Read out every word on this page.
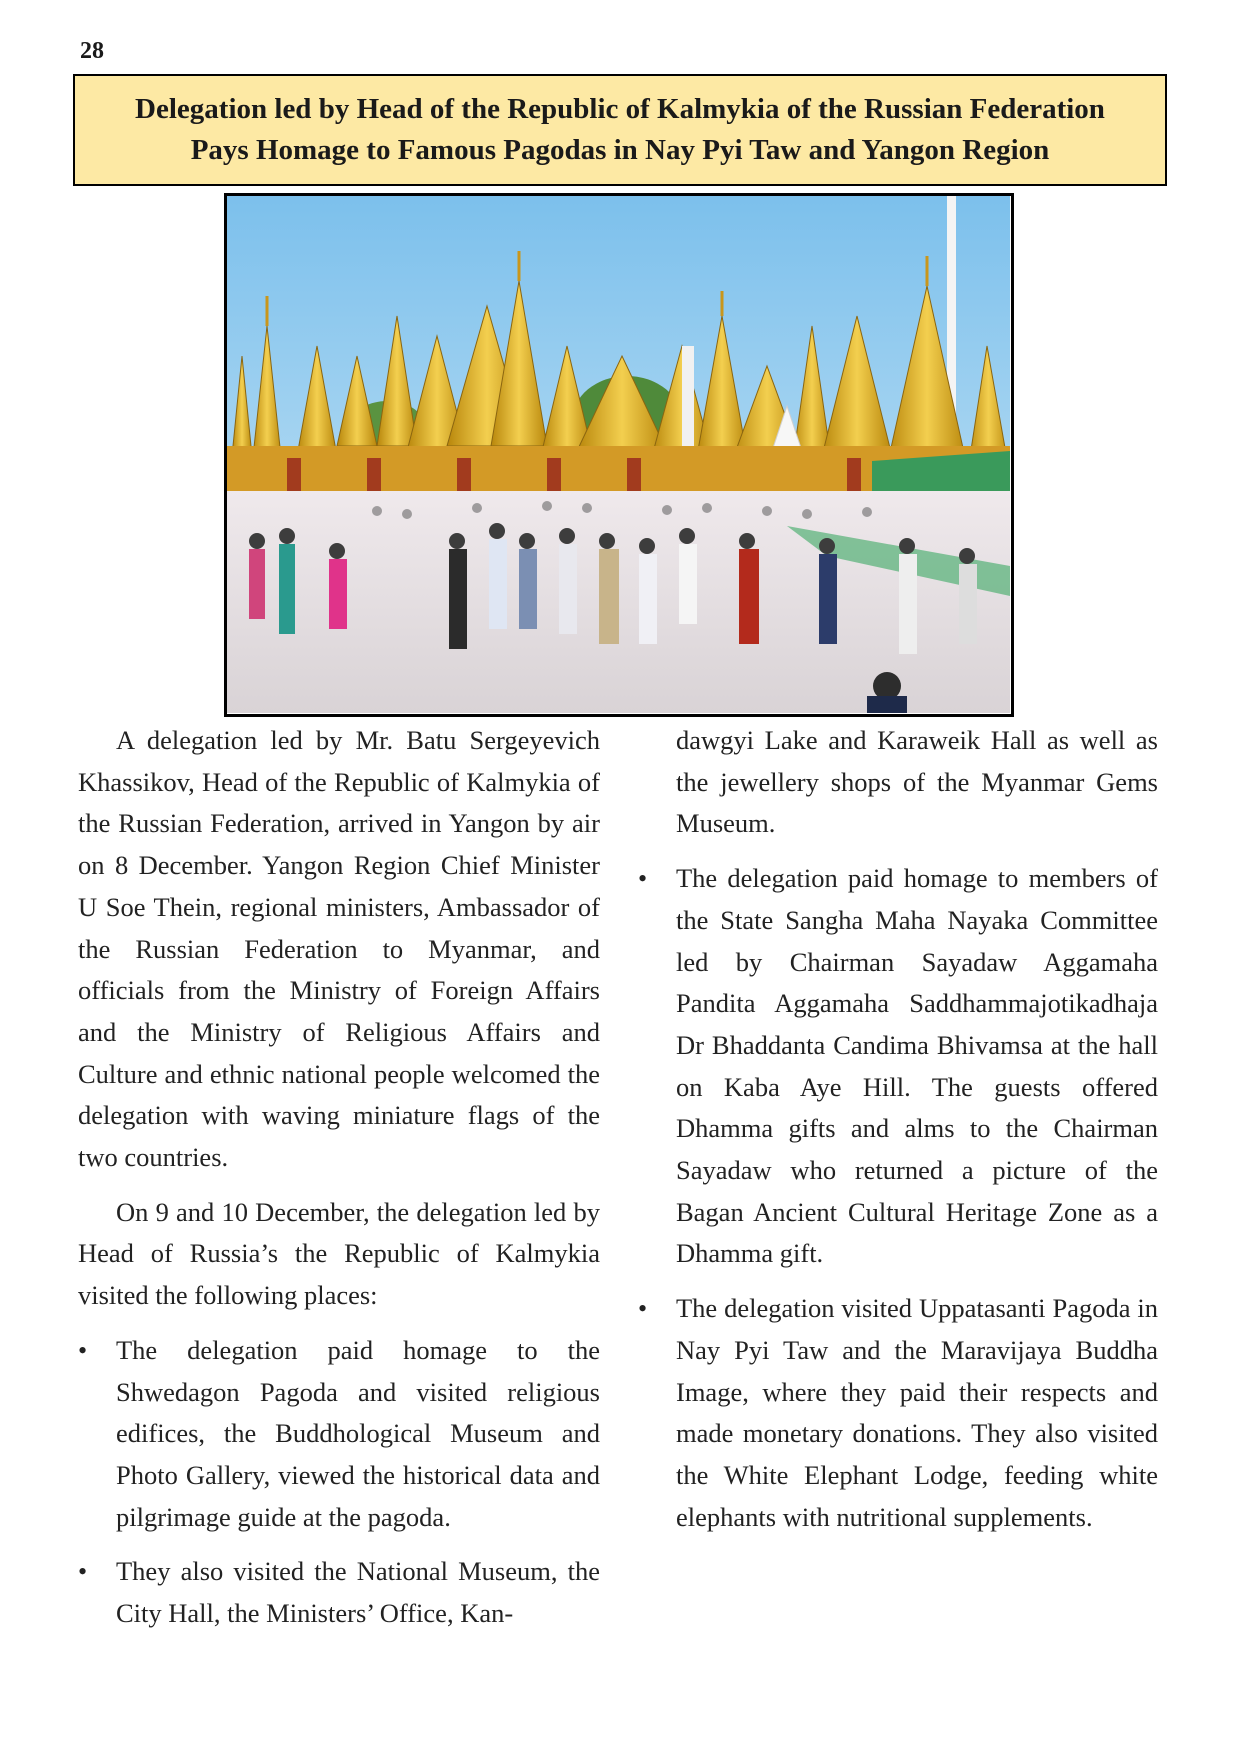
28
Delegation led by Head of the Republic of Kalmykia of the Russian Federation
Pays Homage to Famous Pagodas in Nay Pyi Taw and Yangon Region

A delegation led by Mr. Batu Sergeyevich Khassikov, Head of the Republic of Kalmykia of the Russian Federation, arrived in Yangon by air on 8 December. Yangon Region Chief Minister U Soe Thein, regional ministers, Ambassador of the Russian Federation to Myanmar, and officials from the Ministry of Foreign Affairs and the Ministry of Religious Affairs and Culture and ethnic national people welcomed the delegation with waving miniature flags of the two countries.

On 9 and 10 December, the delegation led by Head of Russia’s the Republic of Kalmykia visited the following places:

• The delegation paid homage to the Shwedagon Pagoda and visited religious edifices, the Buddhological Museum and Photo Gallery, viewed the historical data and pilgrimage guide at the pagoda.
• They also visited the National Museum, the City Hall, the Ministers’ Office, Kan-
dawgyi Lake and Karaweik Hall as well as the jewellery shops of the Myanmar Gems Museum.
• The delegation paid homage to members of the State Sangha Maha Nayaka Committee led by Chairman Sayadaw Aggamaha Pandita Aggamaha Saddhammajotikadhaja Dr Bhaddanta Candima Bhivamsa at the hall on Kaba Aye Hill. The guests offered Dhamma gifts and alms to the Chairman Sayadaw who returned a picture of the Bagan Ancient Cultural Heritage Zone as a Dhamma gift.
• The delegation visited Uppatasanti Pagoda in Nay Pyi Taw and the Maravijaya Buddha Image, where they paid their respects and made monetary donations. They also visited the White Elephant Lodge, feeding white elephants with nutritional supplements.
